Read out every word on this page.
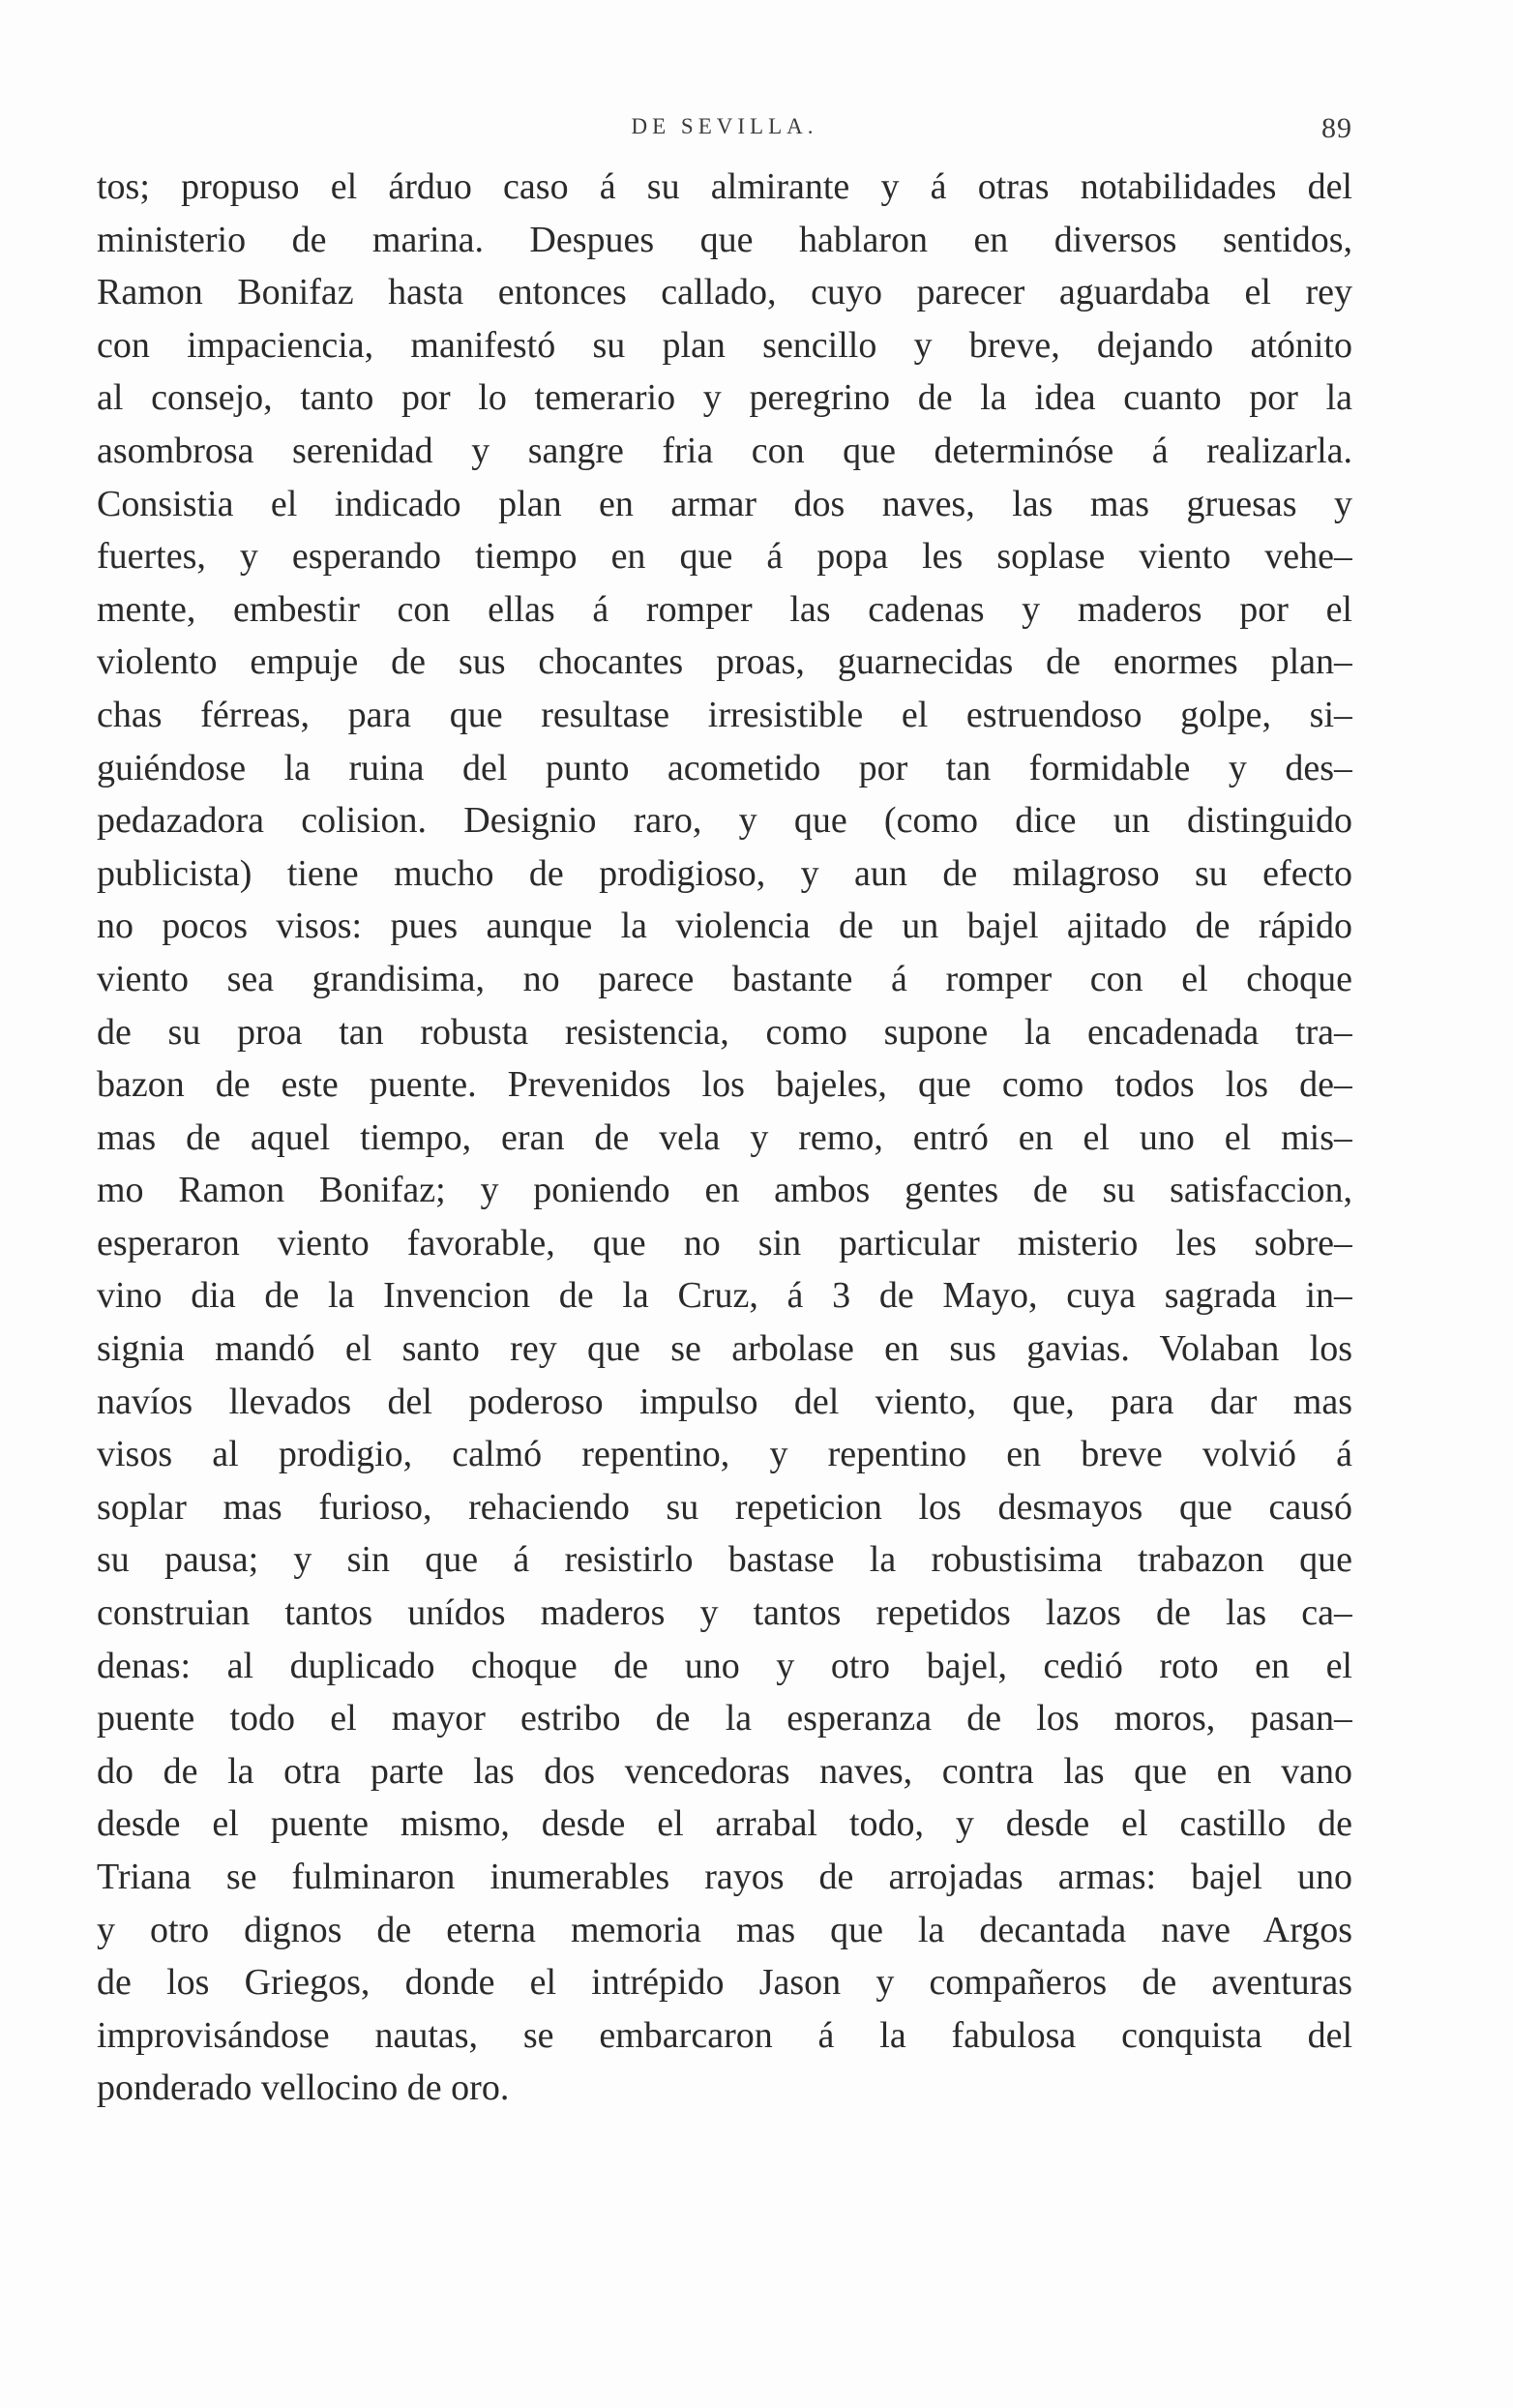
DE SEVILLA.	89
tos; propuso el árduo caso á su almirante y á otras notabilidades del
ministerio de marina. Despues que hablaron en diversos sentidos,
Ramon Bonifaz hasta entonces callado, cuyo parecer aguardaba el rey
con impaciencia, manifestó su plan sencillo y breve, dejando atónito
al consejo, tanto por lo temerario y peregrino de la idea cuanto por la
asombrosa serenidad y sangre fria con que determinóse á realizarla.
Consistia el indicado plan en armar dos naves, las mas gruesas y
fuertes, y esperando tiempo en que á popa les soplase viento vehe–
mente, embestir con ellas á romper las cadenas y maderos por el
violento empuje de sus chocantes proas, guarnecidas de enormes plan–
chas férreas, para que resultase irresistible el estruendoso golpe, si–
guiéndose la ruina del punto acometido por tan formidable y des–
pedazadora colision. Designio raro, y que (como dice un distinguido
publicista) tiene mucho de prodigioso, y aun de milagroso su efecto
no pocos visos: pues aunque la violencia de un bajel ajitado de rápido
viento sea grandisima, no parece bastante á romper con el choque
de su proa tan robusta resistencia, como supone la encadenada tra–
bazon de este puente. Prevenidos los bajeles, que como todos los de–
mas de aquel tiempo, eran de vela y remo, entró en el uno el mis–
mo Ramon Bonifaz; y poniendo en ambos gentes de su satisfaccion,
esperaron viento favorable, que no sin particular misterio les sobre–
vino dia de la Invencion de la Cruz, á 3 de Mayo, cuya sagrada in–
signia mandó el santo rey que se arbolase en sus gavias. Volaban los
navíos llevados del poderoso impulso del viento, que, para dar mas
visos al prodigio, calmó repentino, y repentino en breve volvió á
soplar mas furioso, rehaciendo su repeticion los desmayos que causó
su pausa; y sin que á resistirlo bastase la robustisima trabazon que
construian tantos unídos maderos y tantos repetidos lazos de las ca–
denas: al duplicado choque de uno y otro bajel, cedió roto en el
puente todo el mayor estribo de la esperanza de los moros, pasan–
do de la otra parte las dos vencedoras naves, contra las que en vano
desde el puente mismo, desde el arrabal todo, y desde el castillo de
Triana se fulminaron inumerables rayos de arrojadas armas: bajel uno
y otro dignos de eterna memoria mas que la decantada nave Argos
de los Griegos, donde el intrépido Jason y compañeros de aventuras
improvisándose nautas, se embarcaron á la fabulosa conquista del
ponderado vellocino de oro.
